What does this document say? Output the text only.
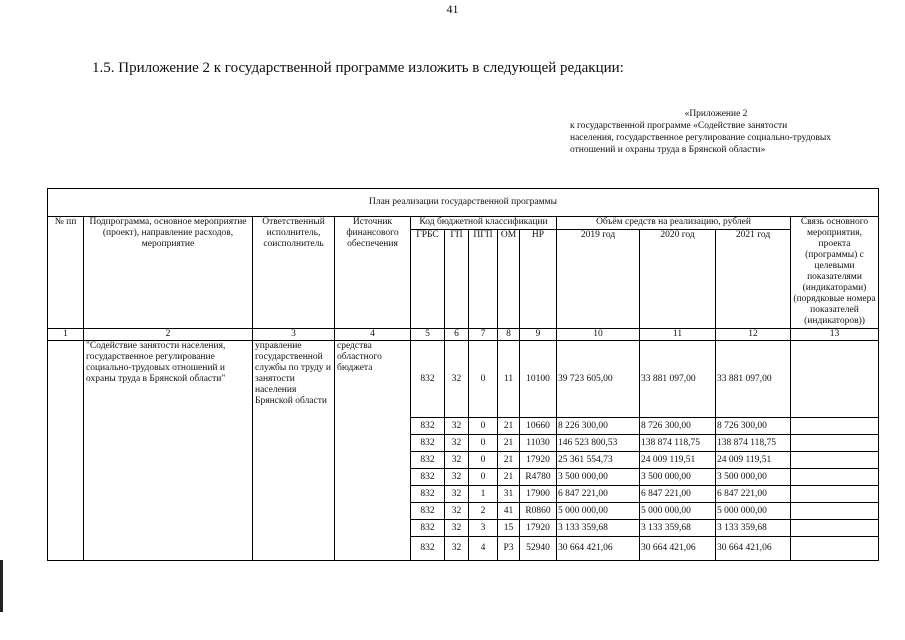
41
1.5. Приложение 2 к государственной программе изложить в следующей редакции:
«Приложение 2
к государственной программе «Содействие занятости населения, государственное регулирование социально-трудовых отношений и охраны труда в Брянской области»
План реализации государственной программы												
№ пп	Подпрограмма, основное мероприятие (проект), направление расходов, мероприятие	Ответственный исполнитель, соисполнитель	Источник финансового обеспечения	Код бюджетной классификации					Объём средств на реализацию, рублей			Связь основного мероприятия, проекта (программы) с целевыми показателями (индикаторами) (порядковые номера показателей (индикаторов))
				ГРБС	ГП	ПГП	ОМ	НР	2019 год	2020 год	2021 год	
1	2	3	4	5	6	7	8	9	10	11	12	13
	"Содействие занятости населения, государственное регулирование социально-трудовых отношений и охраны труда в Брянской области"	управление государственной службы по труду и занятости населения Брянской области	средства областного бюджета	832	32	0	11	10100	39 723 605,00	33 881 097,00	33 881 097,00	
				832	32	0	21	10660	8 226 300,00	8 726 300,00	8 726 300,00	
				832	32	0	21	11030	146 523 800,53	138 874 118,75	138 874 118,75	
				832	32	0	21	17920	25 361 554,73	24 009 119,51	24 009 119,51	
				832	32	0	21	R4780	3 500 000,00	3 500 000,00	3 500 000,00	
				832	32	1	31	17900	6 847 221,00	6 847 221,00	6 847 221,00	
				832	32	2	41	R0860	5 000 000,00	5 000 000,00	5 000 000,00	
				832	32	3	15	17920	3 133 359,68	3 133 359,68	3 133 359,68	
				832	32	4	P3	52940	30 664 421,06	30 664 421,06	30 664 421,06	
